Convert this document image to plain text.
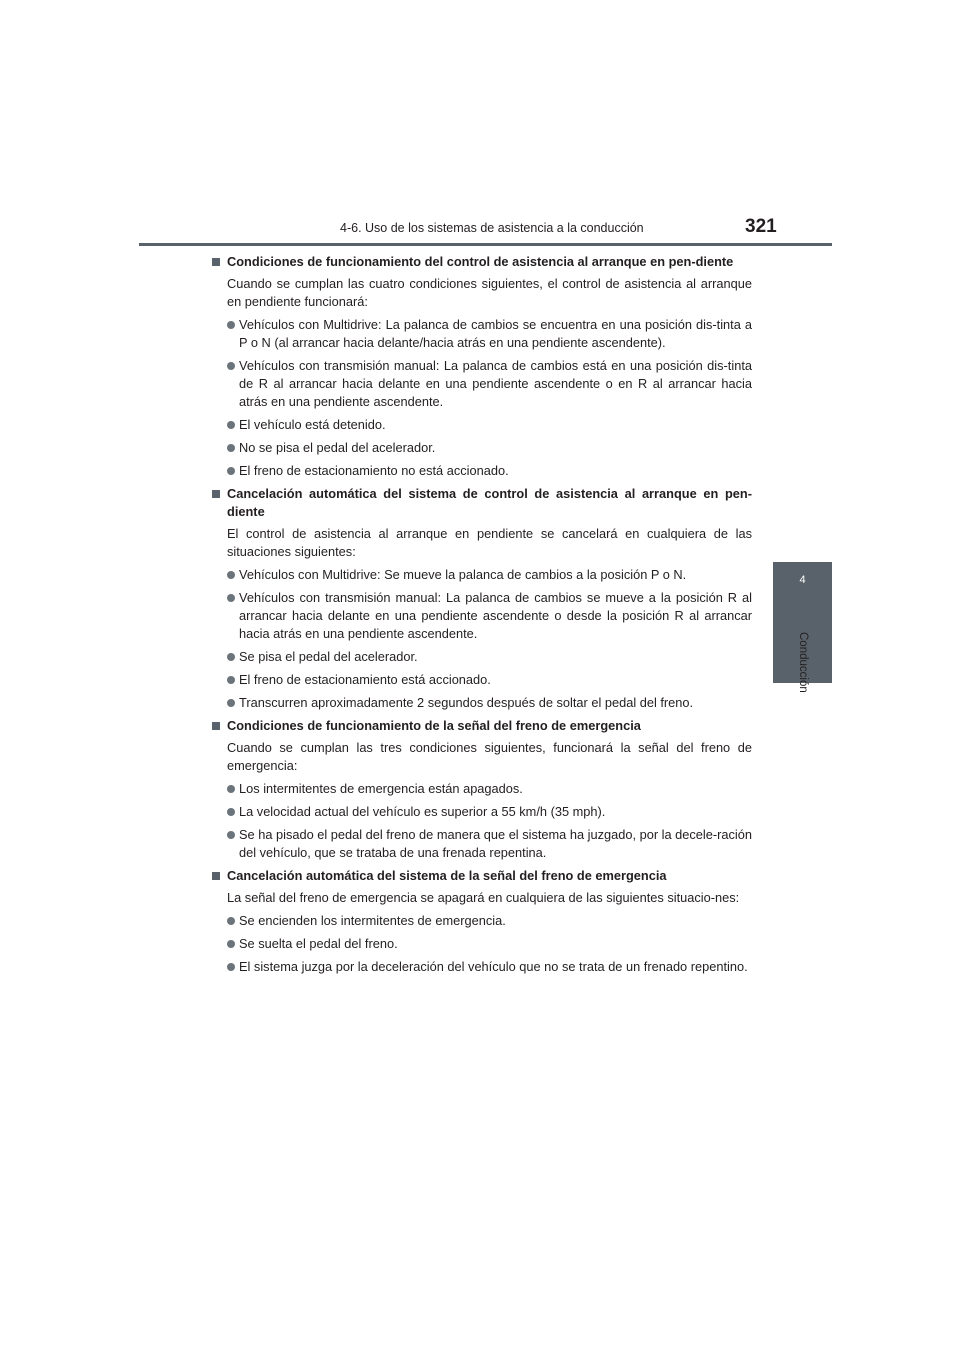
4-6. Uso de los sistemas de asistencia a la conducción	321
4
Conducción
Condiciones de funcionamiento del control de asistencia al arranque en pen-diente
Cuando se cumplan las cuatro condiciones siguientes, el control de asistencia al arranque en pendiente funcionará:
Vehículos con Multidrive: La palanca de cambios se encuentra en una posición dis-tinta a P o N (al arrancar hacia delante/hacia atrás en una pendiente ascendente).
Vehículos con transmisión manual: La palanca de cambios está en una posición dis-tinta de R al arrancar hacia delante en una pendiente ascendente o en R al arrancar hacia atrás en una pendiente ascendente.
El vehículo está detenido.
No se pisa el pedal del acelerador.
El freno de estacionamiento no está accionado.
Cancelación automática del sistema de control de asistencia al arranque en pen-diente
El control de asistencia al arranque en pendiente se cancelará en cualquiera de las situaciones siguientes:
Vehículos con Multidrive: Se mueve la palanca de cambios a la posición P o N.
Vehículos con transmisión manual: La palanca de cambios se mueve a la posición R al arrancar hacia delante en una pendiente ascendente o desde la posición R al arrancar hacia atrás en una pendiente ascendente.
Se pisa el pedal del acelerador.
El freno de estacionamiento está accionado.
Transcurren aproximadamente 2 segundos después de soltar el pedal del freno.
Condiciones de funcionamiento de la señal del freno de emergencia
Cuando se cumplan las tres condiciones siguientes, funcionará la señal del freno de emergencia:
Los intermitentes de emergencia están apagados.
La velocidad actual del vehículo es superior a 55 km/h (35 mph).
Se ha pisado el pedal del freno de manera que el sistema ha juzgado, por la decele-ración del vehículo, que se trataba de una frenada repentina.
Cancelación automática del sistema de la señal del freno de emergencia
La señal del freno de emergencia se apagará en cualquiera de las siguientes situacio-nes:
Se encienden los intermitentes de emergencia.
Se suelta el pedal del freno.
El sistema juzga por la deceleración del vehículo que no se trata de un frenado repentino.
